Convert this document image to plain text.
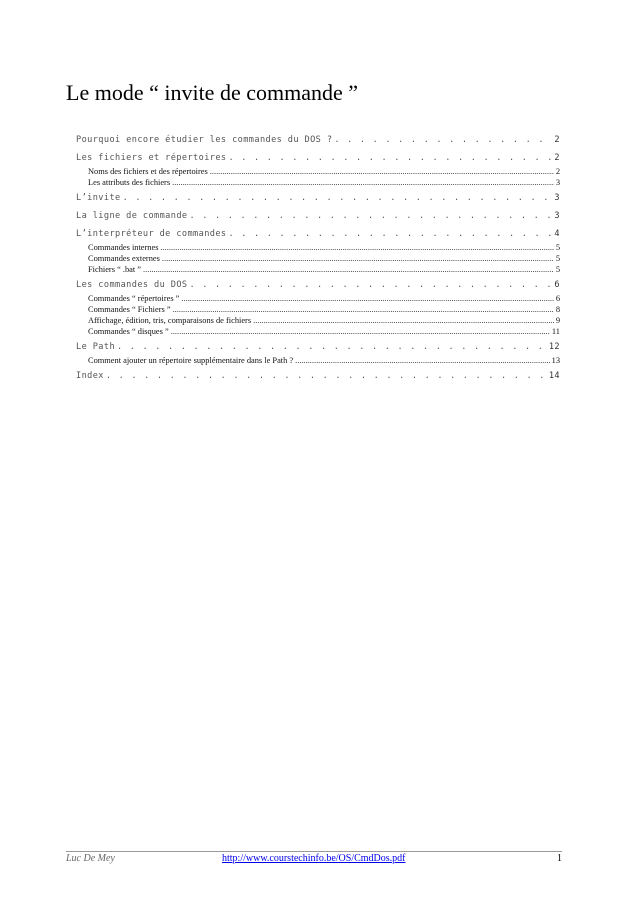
Le mode “ invite de commande ”
Pourquoi encore étudier les commandes du DOS ? . . .	2
Les fichiers et répertoires . . .	2
Noms des fichiers et des répertoires .....	2
Les attributs des fichiers .....	3
L’invite . . .	3
La ligne de commande . . .	3
L’interpréteur de commandes . . .	4
Commandes internes .....	5
Commandes externes .....	5
Fichiers “ .bat ” .....	5
Les commandes du DOS . . .	6
Commandes “ répertoires ” .....	6
Commandes “ Fichiers ” .....	8
Affichage, édition, tris, comparaisons de fichiers .....	9
Commandes “ disques ” .....	11
Le Path . . .	12
Comment ajouter un répertoire supplémentaire dans le Path ? .....	13
Index . . .	14
Luc De Mey	http://www.courstechinfo.be/OS/CmdDos.pdf	1
